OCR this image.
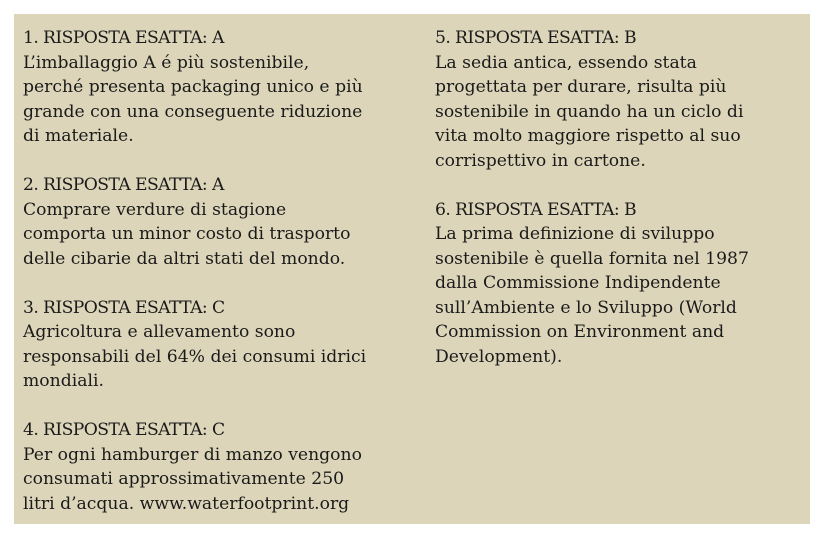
1. RISPOSTA ESATTA: A
L’imballaggio A é più sostenibile,
perché presenta packaging unico e più
grande con una conseguente riduzione
di materiale.
2. RISPOSTA ESATTA: A
Comprare verdure di stagione
comporta un minor costo di trasporto
delle cibarie da altri stati del mondo.
3. RISPOSTA ESATTA: C
Agricoltura e allevamento sono
responsabili del 64% dei consumi idrici
mondiali.
4. RISPOSTA ESATTA: C
Per ogni hamburger di manzo vengono
consumati approssimativamente 250
litri d’acqua. www.waterfootprint.org
5. RISPOSTA ESATTA: B
La sedia antica, essendo stata
progettata per durare, risulta più
sostenibile in quando ha un ciclo di
vita molto maggiore rispetto al suo
corrispettivo in cartone.
6. RISPOSTA ESATTA: B
La prima definizione di sviluppo
sostenibile è quella fornita nel 1987
dalla Commissione Indipendente
sull’Ambiente e lo Sviluppo (World
Commission on Environment and
Development).
